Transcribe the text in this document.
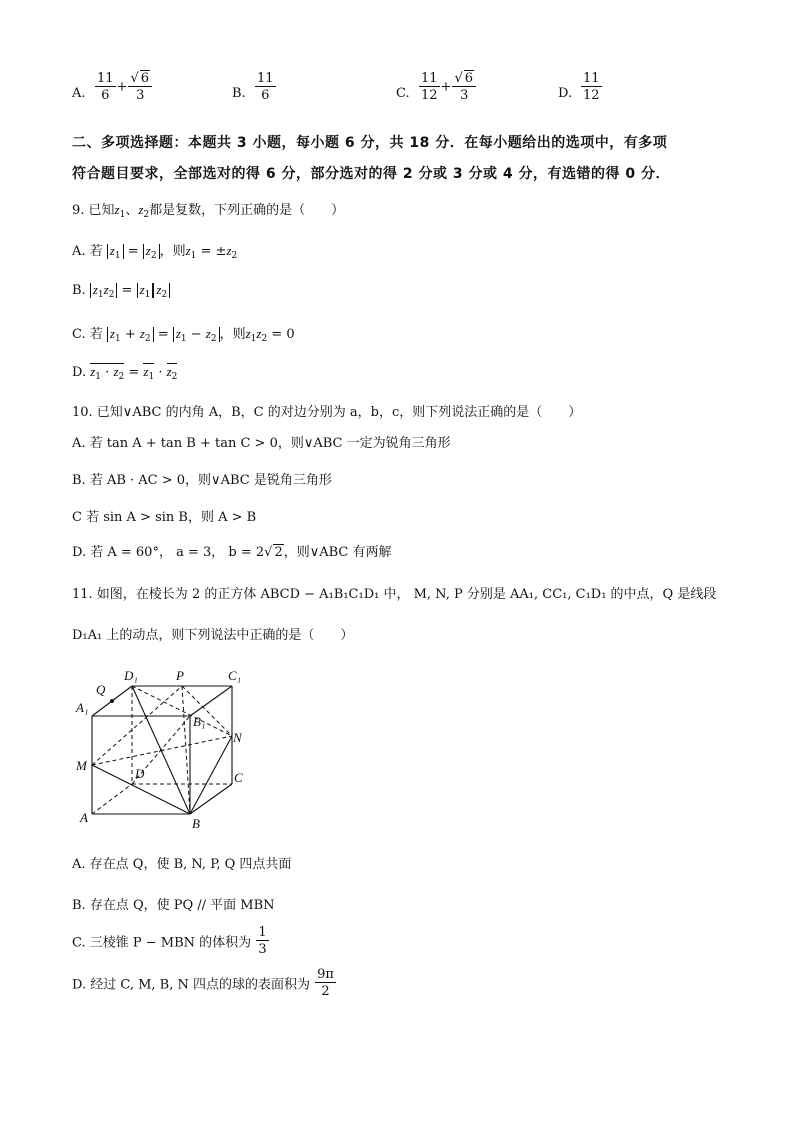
A. $\frac{11}{6} + \frac{√ 6}{3}$	B. $\frac{11}{6}$	C. $\frac{11}{12} + \frac{√ 6}{3}$	D. $\frac{11}{12}$
二、多项选择题：本题共 3 小题，每小题 6 分，共 18 分．在每小题给出的选项中，有多项
符合题目要求，全部选对的得 6 分，部分选对的得 2 分或 3 分或 4 分，有选错的得 0 分．
9. 已知$z_1$、$z_2$都是复数，下列正确的是（　　）
A. 若 $z_1 = z_2$ ，则$z_1 = \pm z_2$
B. $z_1z_2 = z_1$ $z_2$
C. 若 $z_1 + z_2 = z_1 - z_2$ ，则$z_1z_2 = 0$
D. $z_1 \cdot z_2 = z_1 \cdot z_2$
10. 已知∨ABC 的内角 A，B，C 的对边分别为 a，b，c，则下列说法正确的是（　　）
A. 若 tan A + tan B + tan C > 0，则∨ABC 一定为锐角三角形
B. 若 AB · AC > 0，则∨ABC 是锐角三角形
C 若 sin A > sin B，则 A > B
D. 若 A = 60°， a = 3， b = 2√ 2，则∨ABC 有两解
11. 如图，在棱长为 2 的正方体 ABCD − A₁B₁C₁D₁ 中， M, N, P 分别是 AA₁, CC₁, C₁D₁ 的中点，Q 是线段
D₁A₁ 上的动点，则下列说法中正确的是（　　）
D₁	P	C₁
Q
A₁
B₁
N
M
D	C
A	B
A. 存在点 Q，使 B, N, P, Q 四点共面
B. 存在点 Q，使 PQ // 平面 MBN
C. 三棱锥 P − MBN 的体积为 $\frac{1}{3}$
D. 经过 C, M, B, N 四点的球的表面积为 $\frac{9\pi}{2}$
